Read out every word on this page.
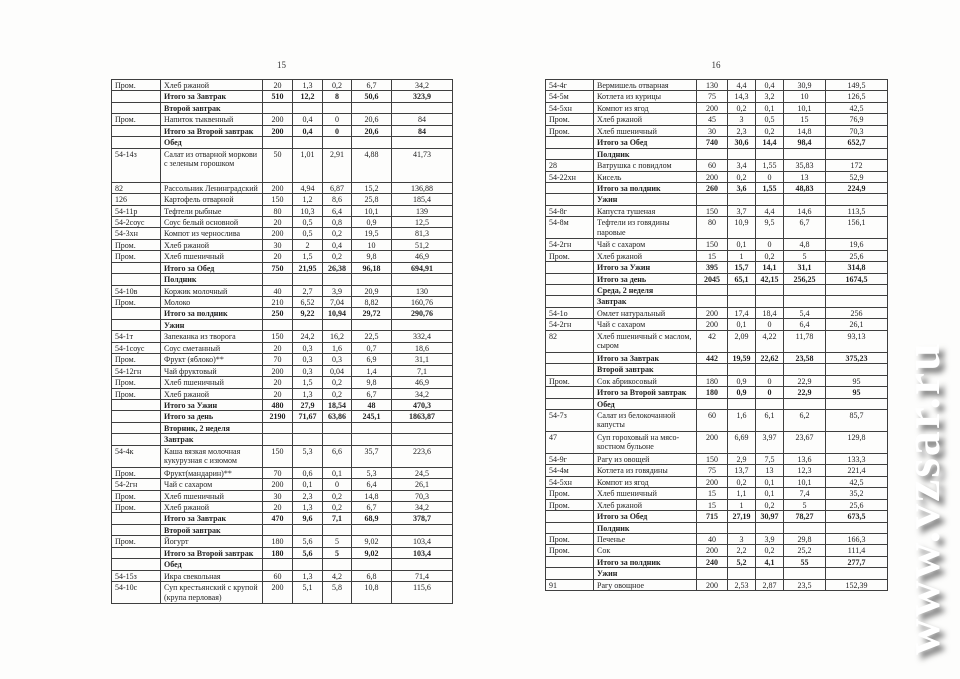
15	16
Пром.	Хлеб ржаной	20	1,3	0,2	6,7	34,2
	Итого за Завтрак	510	12,2	8	50,6	323,9
	Второй завтрак					
Пром.	Напиток тыквенный	200	0,4	0	20,6	84
	Итого за Второй завтрак	200	0,4	0	20,6	84
	Обед					
54-14з	Салат из отварной моркови с зеленым горошком	50	1,01	2,91	4,88	41,73
82	Рассольник Ленинградский	200	4,94	6,87	15,2	136,88
126	Картофель отварной	150	1,2	8,6	25,8	185,4
54-11р	Тефтели рыбные	80	10,3	6,4	10,1	139
54-2соус	Соус белый основной	20	0,5	0,8	0,9	12,5
54-3хн	Компот из чернослива	200	0,5	0,2	19,5	81,3
Пром.	Хлеб ржаной	30	2	0,4	10	51,2
Пром.	Хлеб пшеничный	20	1,5	0,2	9,8	46,9
	Итого за Обед	750	21,95	26,38	96,18	694,91
	Полдник					
54-10в	Коржик молочный	40	2,7	3,9	20,9	130
Пром.	Молоко	210	6,52	7,04	8,82	160,76
	Итого за полдник	250	9,22	10,94	29,72	290,76
	Ужин					
54-1т	Запеканка из творога	150	24,2	16,2	22,5	332,4
54-1соус	Соус сметанный	20	0,3	1,6	0,7	18,6
Пром.	Фрукт (яблоко)**	70	0,3	0,3	6,9	31,1
54-12гн	Чай фруктовый	200	0,3	0,04	1,4	7,1
Пром.	Хлеб пшеничный	20	1,5	0,2	9,8	46,9
Пром.	Хлеб ржаной	20	1,3	0,2	6,7	34,2
	Итого за Ужин	480	27,9	18,54	48	470,3
	Итого за день	2190	71,67	63,86	245,1	1863,87
	Вторник, 2 неделя					
	Завтрак					
54-4к	Каша вязкая молочная кукурузная с изюмом	150	5,3	6,6	35,7	223,6
Пром.	Фрукт(мандарин)**	70	0,6	0,1	5,3	24,5
54-2гн	Чай с сахаром	200	0,1	0	6,4	26,1
Пром.	Хлеб пшеничный	30	2,3	0,2	14,8	70,3
Пром.	Хлеб ржаной	20	1,3	0,2	6,7	34,2
	Итого за Завтрак	470	9,6	7,1	68,9	378,7
	Второй завтрак					
Пром.	Йогурт	180	5,6	5	9,02	103,4
	Итого за Второй завтрак	180	5,6	5	9,02	103,4
	Обед					
54-15з	Икра свекольная	60	1,3	4,2	6,8	71,4
54-10с	Суп крестьянский с крупой (крупа перловая)	200	5,1	5,8	10,8	115,6
54-4г	Вермишель отварная	130	4,4	0,4	30,9	149,5
54-5м	Котлета из курицы	75	14,3	3,2	10	126,5
54-5хн	Компот из ягод	200	0,2	0,1	10,1	42,5
Пром.	Хлеб ржаной	45	3	0,5	15	76,9
Пром.	Хлеб пшеничный	30	2,3	0,2	14,8	70,3
	Итого за Обед	740	30,6	14,4	98,4	652,7
	Полдник					
28	Ватрушка с повидлом	60	3,4	1,55	35,83	172
54-22хн	Кисель	200	0,2	0	13	52,9
	Итого за полдник	260	3,6	1,55	48,83	224,9
	Ужин					
54-8г	Капуста тушеная	150	3,7	4,4	14,6	113,5
54-8м	Тефтели из говядины паровые	80	10,9	9,5	6,7	156,1
54-2гн	Чай с сахаром	150	0,1	0	4,8	19,6
Пром.	Хлеб ржаной	15	1	0,2	5	25,6
	Итого за Ужин	395	15,7	14,1	31,1	314,8
	Итого за день	2045	65,1	42,15	256,25	1674,5
	Среда, 2 неделя					
	Завтрак					
54-1о	Омлет натуральный	200	17,4	18,4	5,4	256
54-2гн	Чай с сахаром	200	0,1	0	6,4	26,1
82	Хлеб пшеничный с маслом, сыром	42	2,09	4,22	11,78	93,13
	Итого за Завтрак	442	19,59	22,62	23,58	375,23
	Второй завтрак					
Пром.	Сок абрикосовый	180	0,9	0	22,9	95
	Итого за Второй завтрак	180	0,9	0	22,9	95
	Обед					
54-7з	Салат из белокочанной капусты	60	1,6	6,1	6,2	85,7
47	Суп гороховый на мясо-костном бульоне	200	6,69	3,97	23,67	129,8
54-9г	Рагу из овощей	150	2,9	7,5	13,6	133,3
54-4м	Котлета из говядины	75	13,7	13	12,3	221,4
54-5хн	Компот из ягод	200	0,2	0,1	10,1	42,5
Пром.	Хлеб пшеничный	15	1,1	0,1	7,4	35,2
Пром.	Хлеб ржаной	15	1	0,2	5	25,6
	Итого за Обед	715	27,19	30,97	78,27	673,5
	Полдник					
Пром.	Печенье	40	3	3,9	29,8	166,3
Пром.	Сок	200	2,2	0,2	25,2	111,4
	Итого за полдник	240	5,2	4,1	55	277,7
	Ужин					
91	Рагу овощное	200	2,53	2,87	23,5	152,39 www.vzsar.ru
